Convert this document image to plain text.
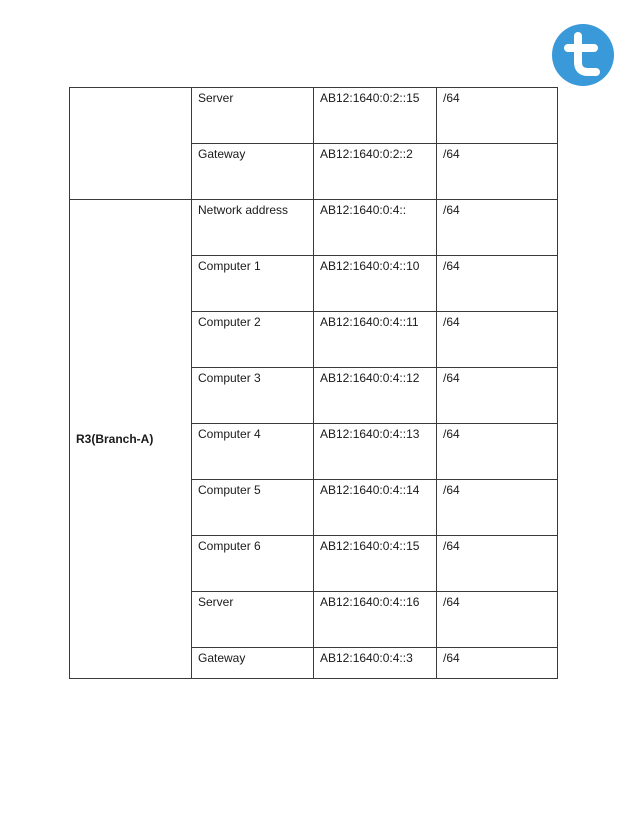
	Server	AB12:1640:0:2::15	/64
	Gateway	AB12:1640:0:2::2	/64
R3(Branch-A)	Network address	AB12:1640:0:4::	/64
	Computer 1	AB12:1640:0:4::10	/64
	Computer 2	AB12:1640:0:4::11	/64
	Computer 3	AB12:1640:0:4::12	/64
	Computer 4	AB12:1640:0:4::13	/64
	Computer 5	AB12:1640:0:4::14	/64
	Computer 6	AB12:1640:0:4::15	/64
	Server	AB12:1640:0:4::16	/64
	Gateway	AB12:1640:0:4::3	/64
